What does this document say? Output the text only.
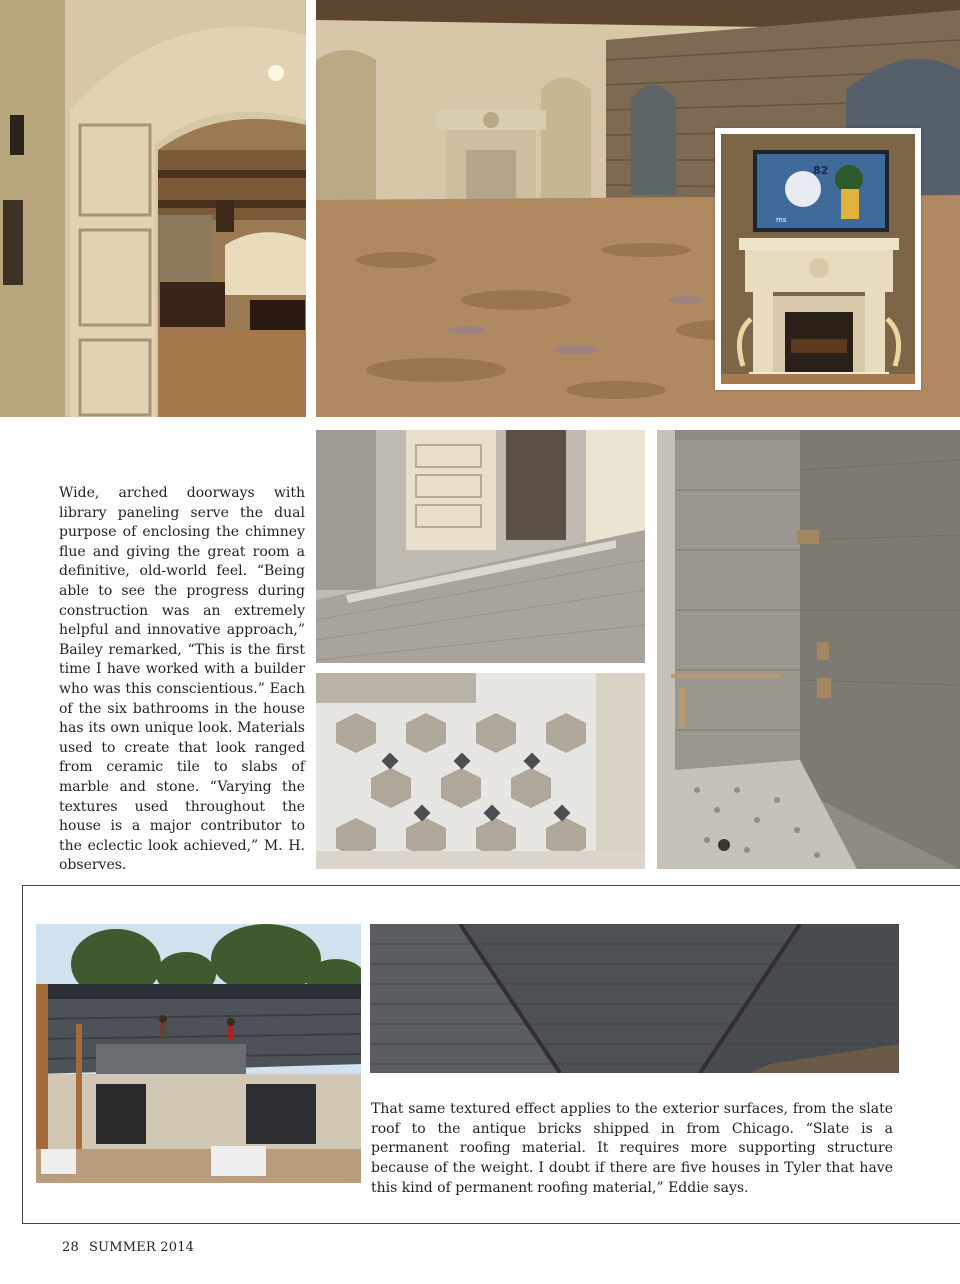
82
ms

Wide, arched doorways with library paneling serve the dual purpose of enclosing the chimney flue and giving the great room a definitive, old-world feel. “Being able to see the progress during construction was an extremely helpful and innovative approach,” Bailey remarked, “This is the first time I have worked with a builder who was this conscientious.” Each of the six bathrooms in the house has its own unique look. Materials used to create that look ranged from ceramic tile to slabs of marble and stone. “Varying the textures used throughout the house is a major contributor to the eclectic look achieved,” M. H. observes.

That same textured effect applies to the exterior surfaces, from the slate roof to the antique bricks shipped in from Chicago. “Slate is a permanent roofing material. It requires more supporting structure because of the weight. I doubt if there are five houses in Tyler that have this kind of permanent roofing material,” Eddie says.

28 SUMMER 2014
